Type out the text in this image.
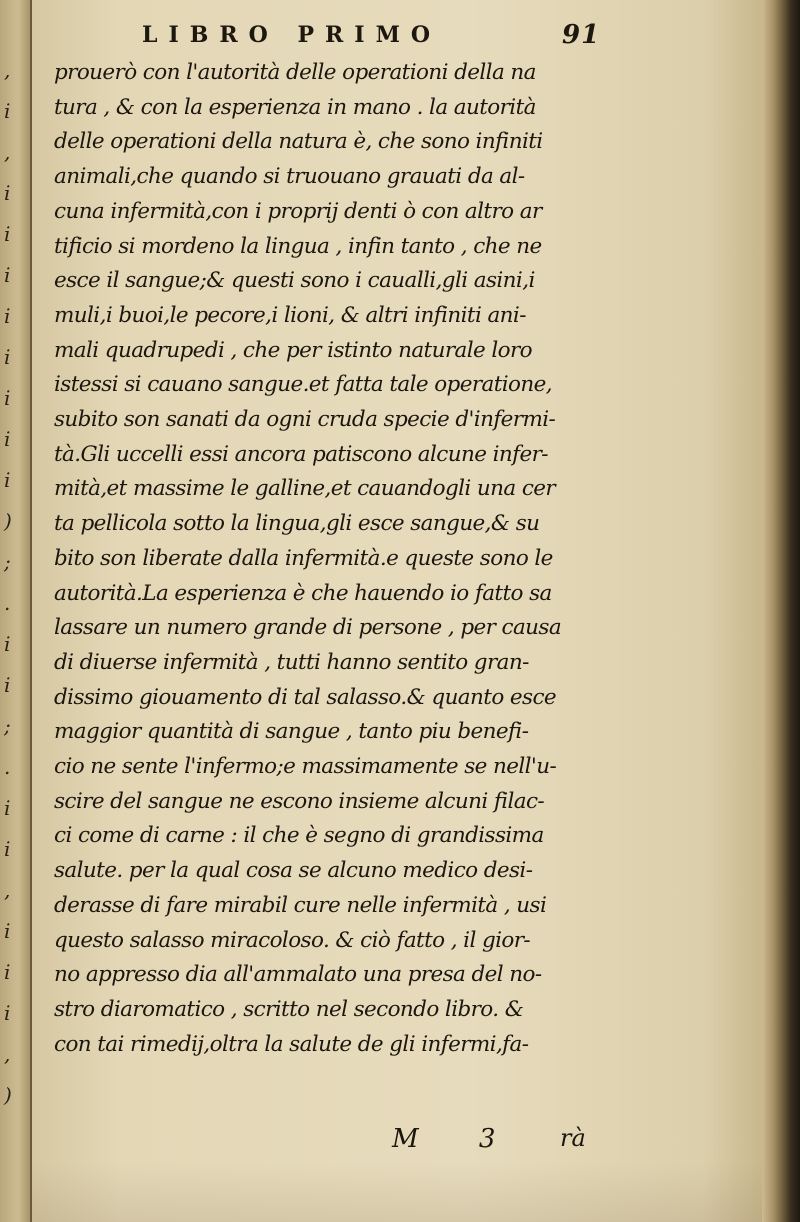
,
i
,
i
i
i
i
i
i
i
i
)
;
.
i
i
;
.
i
i
,
i
i
i
,
)
LIBRO PRIMO	91
prouerò con l'autorità delle operationi della na
tura , & con la esperienza in mano . la autorità
delle operationi della natura è, che sono infiniti
animali,che quando si truouano grauati da al-
cuna infermità,con i proprij denti ò con altro ar
tificio si mordeno la lingua , infin tanto , che ne
esce il sangue;& questi sono i caualli,gli asini,i
muli,i buoi,le pecore,i lioni, & altri infiniti ani-
mali quadrupedi , che per istinto naturale loro
istessi si cauano sangue.et fatta tale operatione,
subito son sanati da ogni cruda specie d'infermi-
tà.Gli uccelli essi ancora patiscono alcune infer-
mità,et massime le galline,et cauandogli una cer
ta pellicola sotto la lingua,gli esce sangue,& su
bito son liberate dalla infermità.e queste sono le
autorità.La esperienza è che hauendo io fatto sa
lassare un numero grande di persone , per causa
di diuerse infermità , tutti hanno sentito gran-
dissimo giouamento di tal salasso.& quanto esce
maggior quantità di sangue , tanto piu benefi-
cio ne sente l'infermo;e massimamente se nell'u-
scire del sangue ne escono insieme alcuni filac-
ci come di carne : il che è segno di grandissima
salute. per la qual cosa se alcuno medico desi-
derasse di fare mirabil cure nelle infermità , usi
questo salasso miracoloso. & ciò fatto , il gior-
no appresso dia all'ammalato una presa del no-
stro diaromatico , scritto nel secondo libro. &
con tai rimedij,oltra la salute de gli infermi,fa-
M 3 rà
